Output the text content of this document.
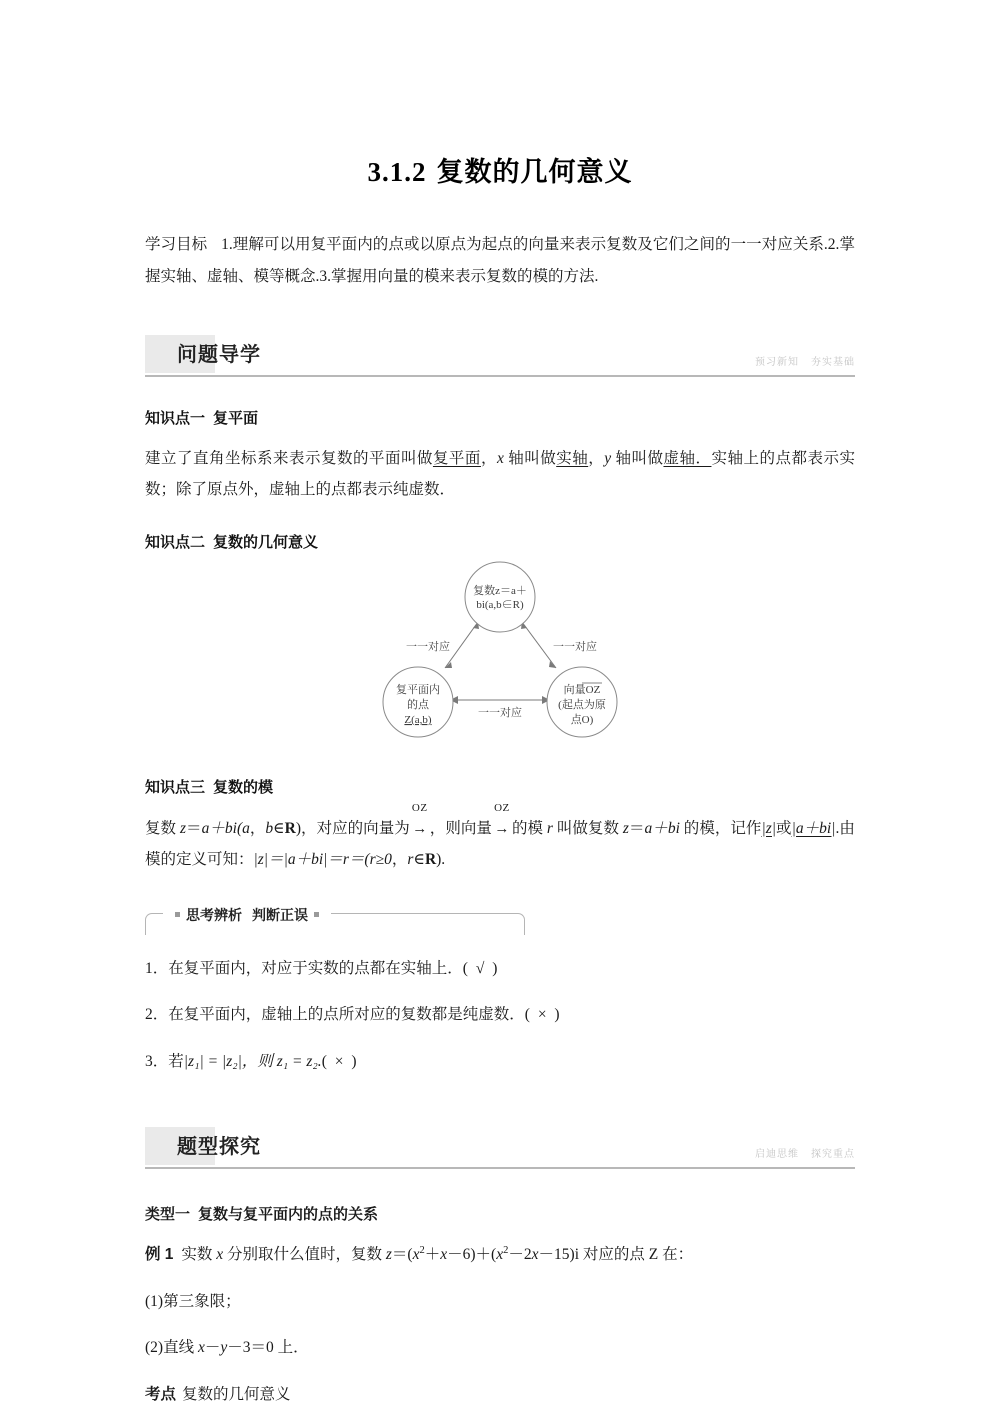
3.1.2 复数的几何意义

学习目标 1.理解可以用复平面内的点或以原点为起点的向量来表示复数及它们之间的一一对应关系.2.掌握实轴、虚轴、模等概念.3.掌握用向量的模来表示复数的模的方法.

问题导学	预习新知 夯实基础
知识点一 复平面

建立了直角坐标系来表示复数的平面叫做复平面，x 轴叫做实轴，y 轴叫做虚轴．实轴上的点都表示实数；除了原点外，虚轴上的点都表示纯虚数．

知识点二 复数的几何意义
复数z＝a＋
bi(a,b∈R)
复平面内
的点
Z(a,b)
向量OZ
(起点为原
点O)
一一对应	一一对应
一一对应
知识点三 复数的模

复数 z＝a＋bi(a，b∈R)，对应的向量为
OZ
→ ，则向量
OZ
→ 的模 r 叫做复数 z＝a＋bi 的模，记作|z|或|a＋bi|.由模的定义可知：|z|＝|a＋bi|＝r＝(r≥0，r∈R).

思考辨析 判断正误
1．在复平面内，对应于实数的点都在实轴上．( √ )
2．在复平面内，虚轴上的点所对应的复数都是纯虚数．( × )
3．若|z₁| = |z₂|，则 z₁ = z₂.( × )
题型探究	启迪思维 探究重点
类型一 复数与复平面内的点的关系

例 1 实数 x 分别取什么值时，复数 $z=(x^2+x-6)+(x^2-2x-15)i$ 对应的点 Z 在：

(1)第三象限；

(2)直线 x－y－3＝0 上．

考点 复数的几何意义
